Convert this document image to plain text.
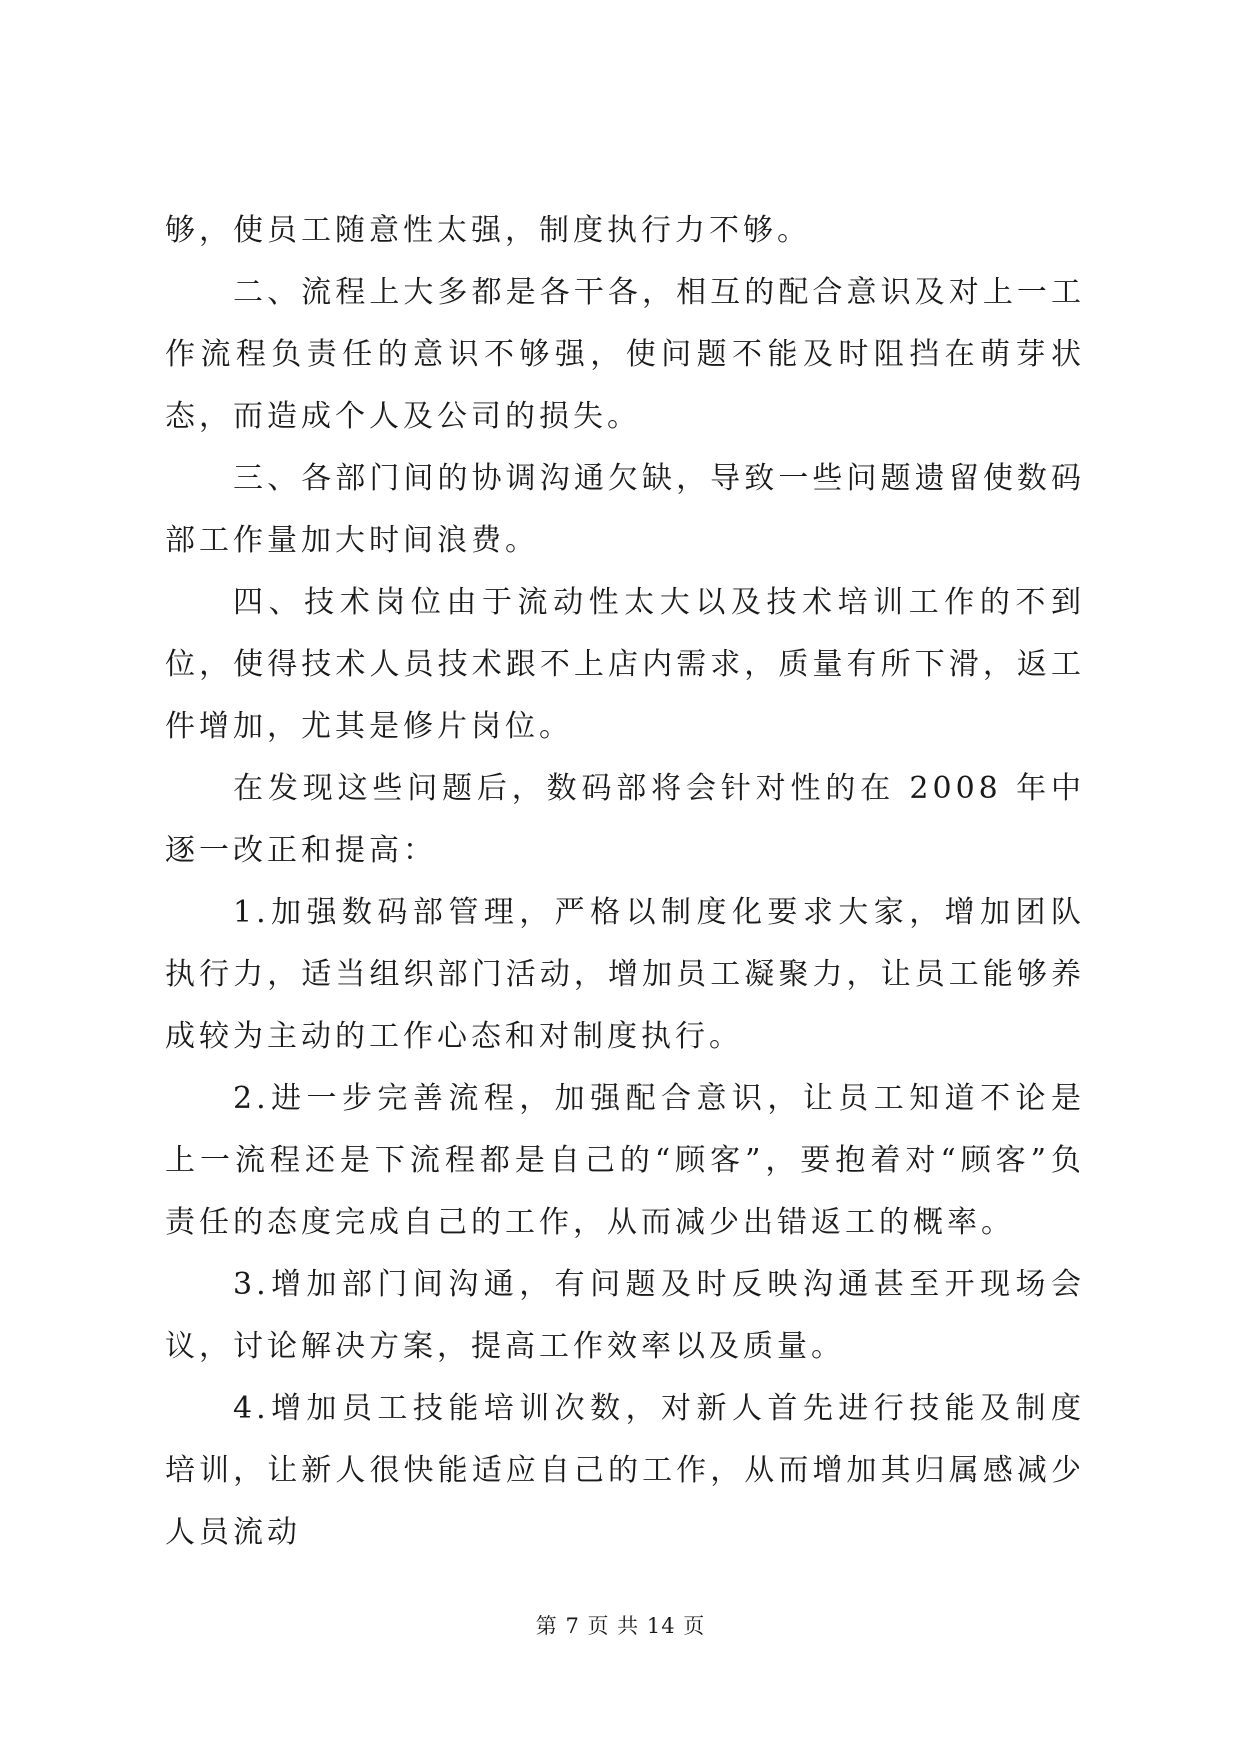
够，使员工随意性太强，制度执行力不够。

二、流程上大多都是各干各，相互的配合意识及对上一工作流程负责任的意识不够强，使问题不能及时阻挡在萌芽状态，而造成个人及公司的损失。

三、各部门间的协调沟通欠缺，导致一些问题遗留使数码部工作量加大时间浪费。

四、技术岗位由于流动性太大以及技术培训工作的不到位，使得技术人员技术跟不上店内需求，质量有所下滑，返工件增加，尤其是修片岗位。

在发现这些问题后，数码部将会针对性的在 2008 年中逐一改正和提高：

1.加强数码部管理，严格以制度化要求大家，增加团队执行力，适当组织部门活动，增加员工凝聚力，让员工能够养成较为主动的工作心态和对制度执行。

2.进一步完善流程，加强配合意识，让员工知道不论是上一流程还是下流程都是自己的“顾客”，要抱着对“顾客”负责任的态度完成自己的工作，从而减少出错返工的概率。

3.增加部门间沟通，有问题及时反映沟通甚至开现场会议，讨论解决方案，提高工作效率以及质量。

4.增加员工技能培训次数，对新人首先进行技能及制度培训，让新人很快能适应自己的工作，从而增加其归属感减少人员流动

第 7 页 共 14 页
